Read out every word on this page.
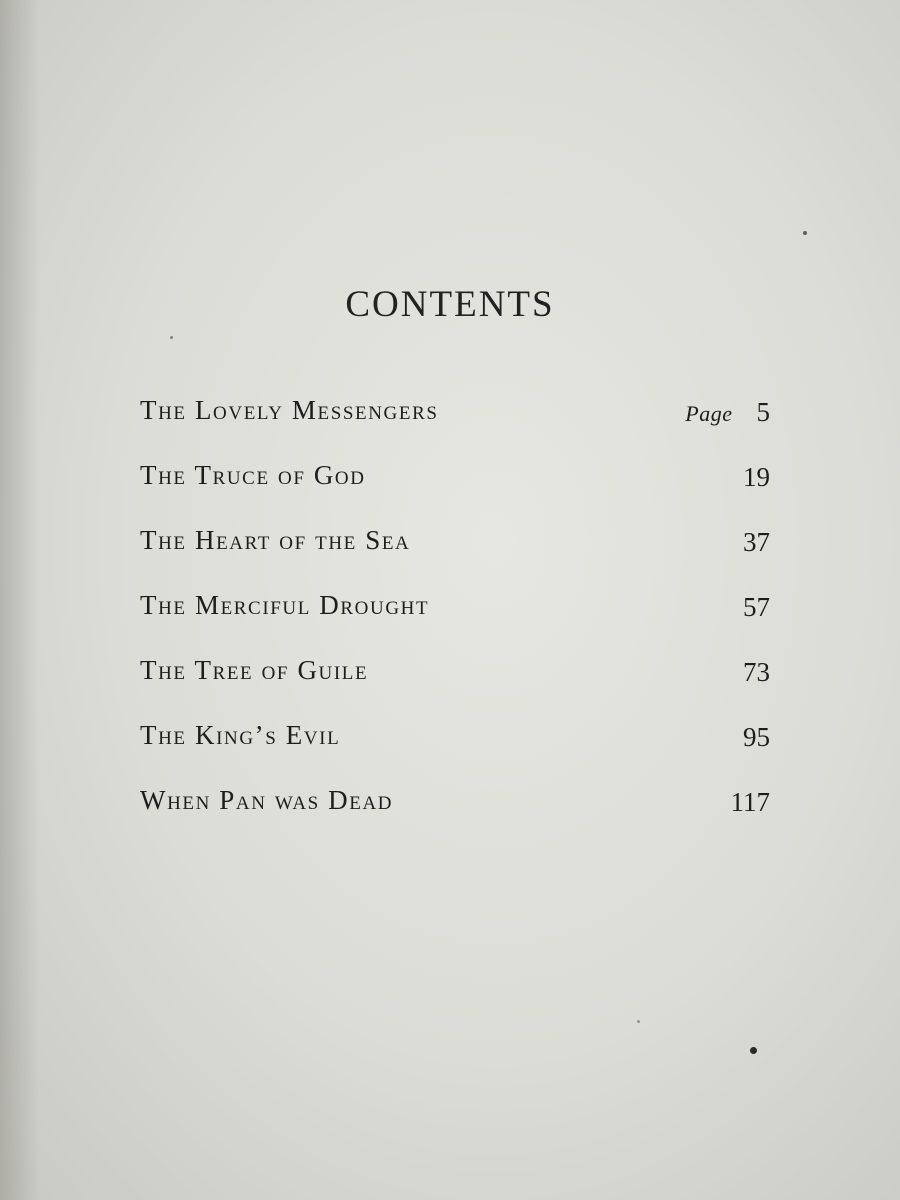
CONTENTS
The Lovely Messengers	Page 5
The Truce of God	19
The Heart of the Sea	37
The Merciful Drought	57
The Tree of Guile	73
The King’s Evil	95
When Pan was Dead	117
